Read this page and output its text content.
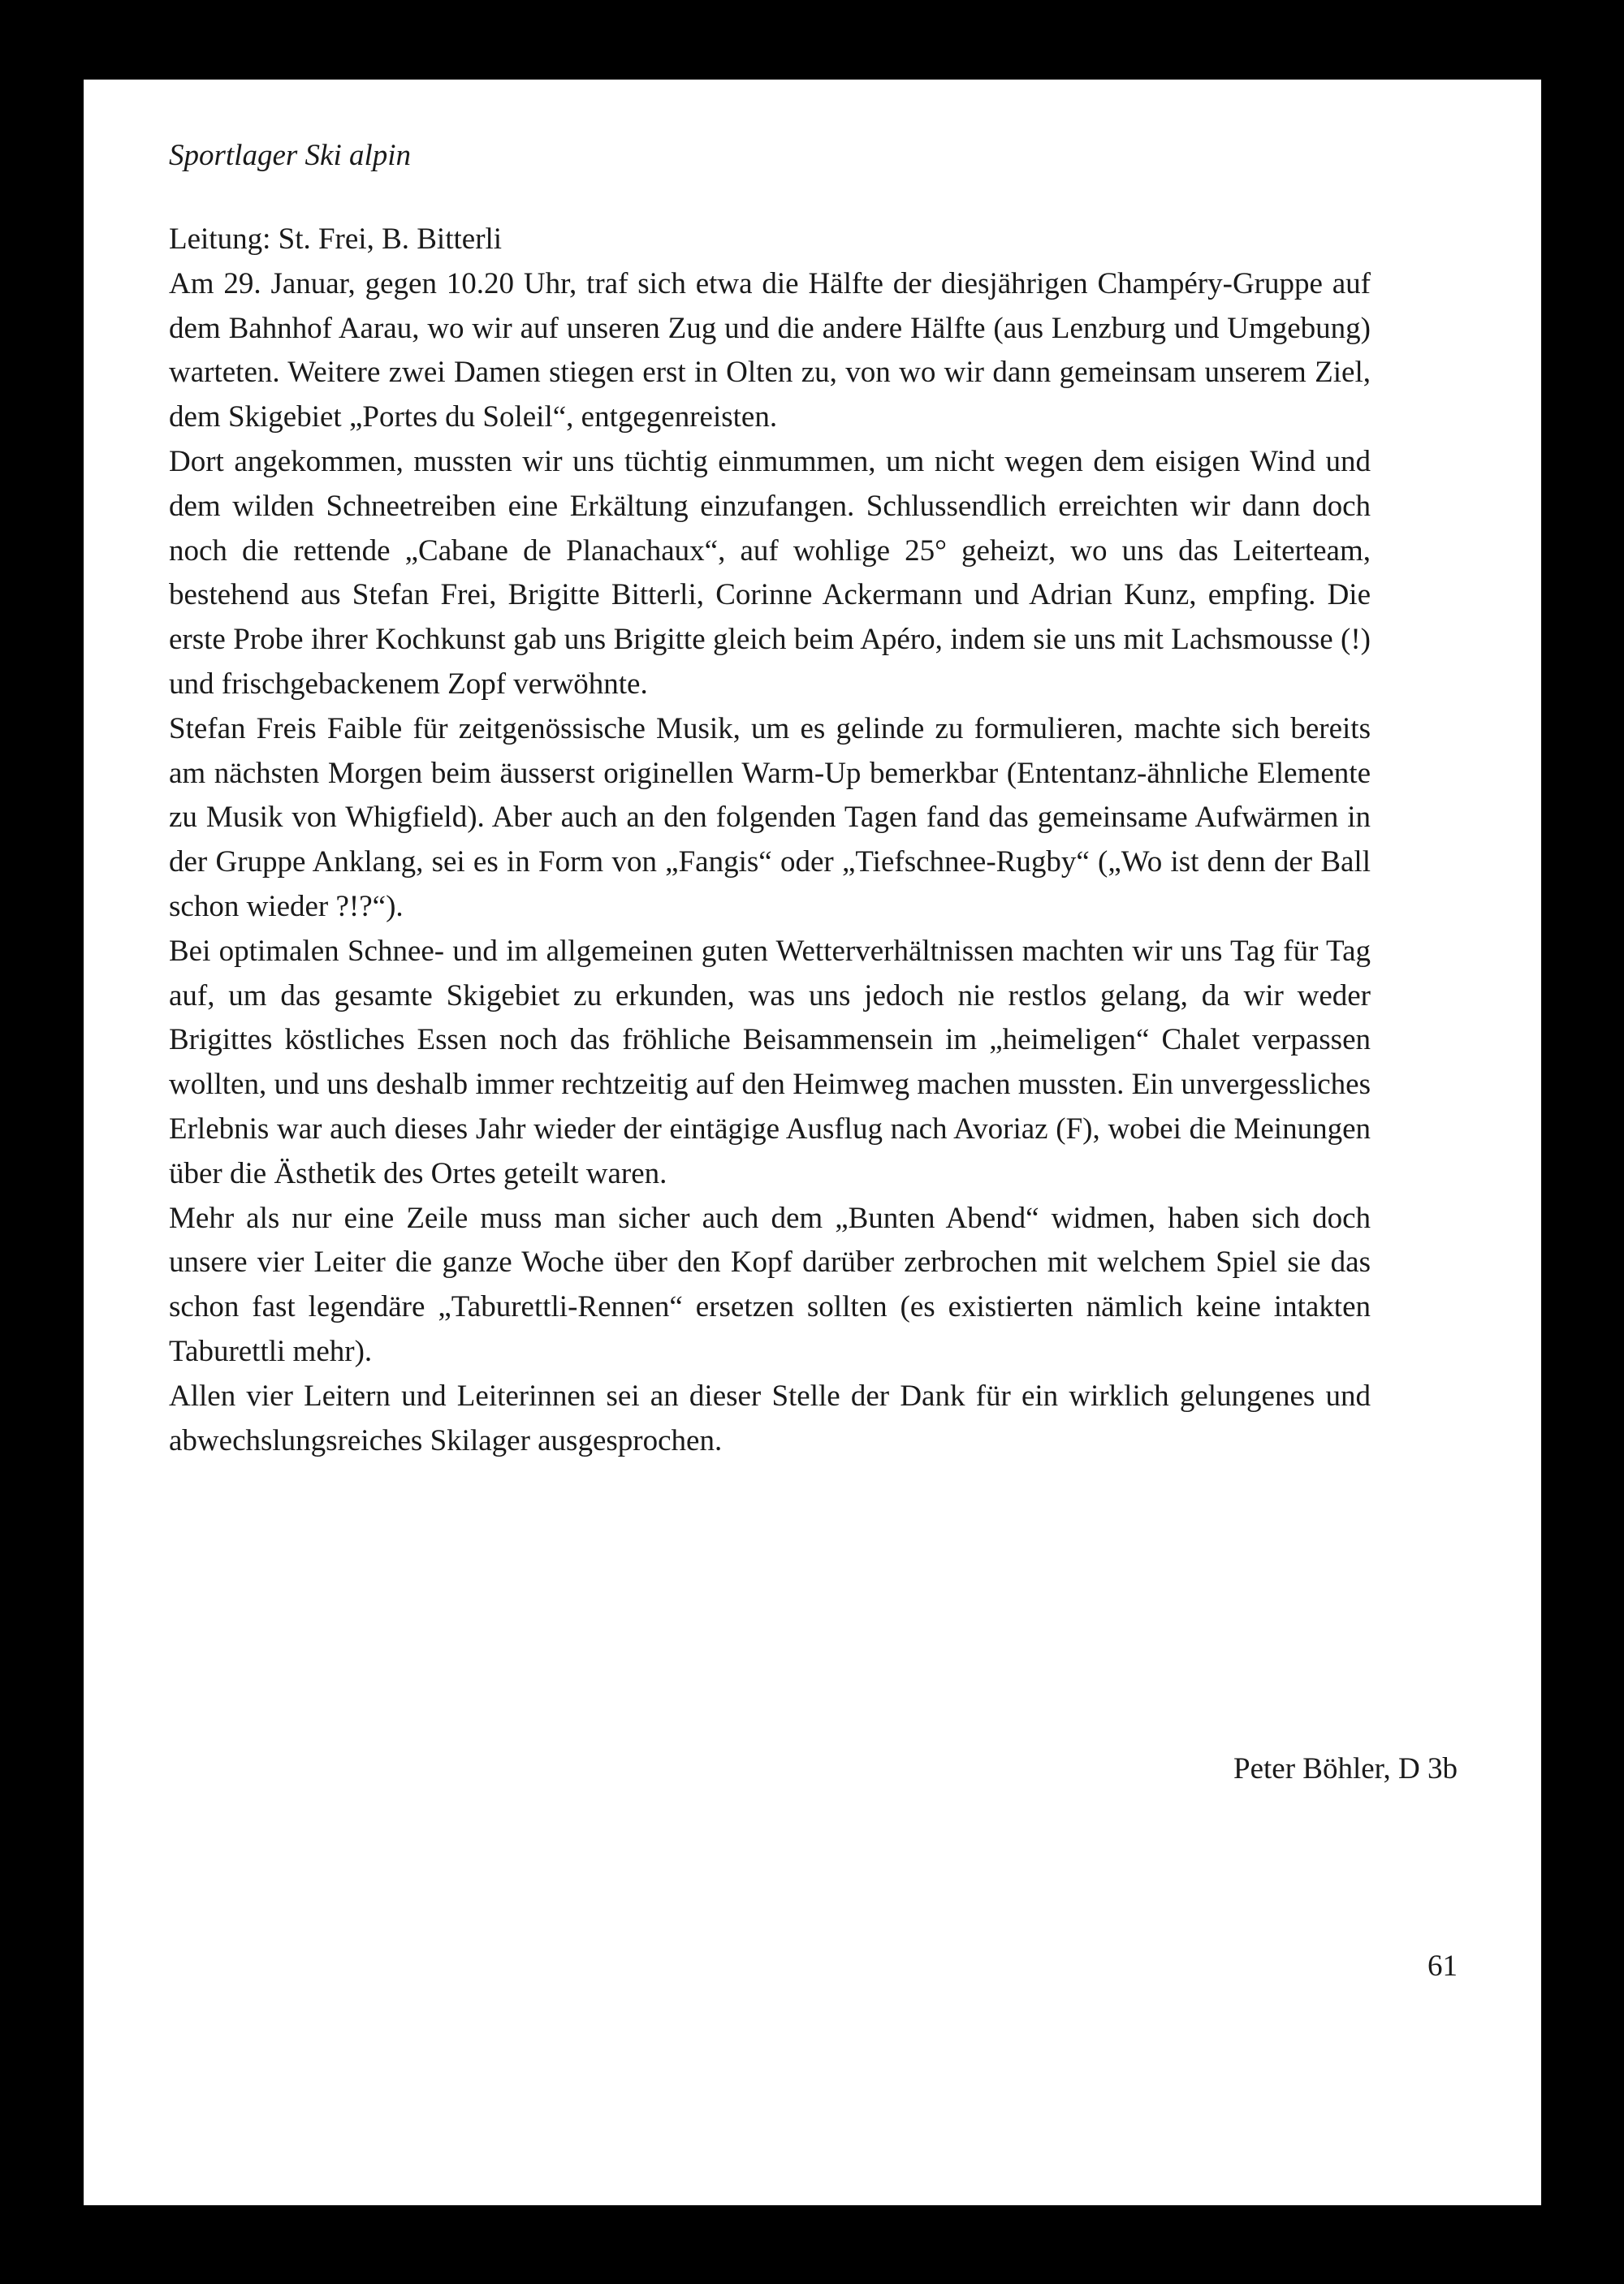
Sportlager Ski alpin

Leitung: St. Frei, B. Bitterli

Am 29. Januar, gegen 10.20 Uhr, traf sich etwa die Hälfte der diesjährigen Champéry-Gruppe auf dem Bahnhof Aarau, wo wir auf unseren Zug und die andere Hälfte (aus Lenzburg und Umgebung) warteten. Weitere zwei Damen stiegen erst in Olten zu, von wo wir dann gemeinsam unserem Ziel, dem Skigebiet „Portes du Soleil“, entgegenreisten.

Dort angekommen, mussten wir uns tüchtig einmummen, um nicht wegen dem eisigen Wind und dem wilden Schneetreiben eine Erkältung einzufangen. Schlussendlich erreichten wir dann doch noch die rettende „Cabane de Planachaux“, auf wohlige 25° geheizt, wo uns das Leiterteam, bestehend aus Stefan Frei, Brigitte Bitterli, Corinne Ackermann und Adrian Kunz, empfing. Die erste Probe ihrer Kochkunst gab uns Brigitte gleich beim Apéro, indem sie uns mit Lachsmousse (!) und frischgebackenem Zopf verwöhnte.

Stefan Freis Faible für zeitgenössische Musik, um es gelinde zu formulieren, machte sich bereits am nächsten Morgen beim äusserst originellen Warm-Up bemerkbar (Ententanz-ähnliche Elemente zu Musik von Whigfield). Aber auch an den folgenden Tagen fand das gemeinsame Aufwärmen in der Gruppe Anklang, sei es in Form von „Fangis“ oder „Tiefschnee-Rugby“ („Wo ist denn der Ball schon wieder ?!?“).

Bei optimalen Schnee- und im allgemeinen guten Wetterverhältnissen machten wir uns Tag für Tag auf, um das gesamte Skigebiet zu erkunden, was uns jedoch nie restlos gelang, da wir weder Brigittes köstliches Essen noch das fröhliche Beisammensein im „heimeligen“ Chalet verpassen wollten, und uns deshalb immer rechtzeitig auf den Heimweg machen mussten. Ein unvergessliches Erlebnis war auch dieses Jahr wieder der eintägige Ausflug nach Avoriaz (F), wobei die Meinungen über die Ästhetik des Ortes geteilt waren.

Mehr als nur eine Zeile muss man sicher auch dem „Bunten Abend“ widmen, haben sich doch unsere vier Leiter die ganze Woche über den Kopf darüber zerbrochen mit welchem Spiel sie das schon fast legendäre „Taburettli-Rennen“ ersetzen sollten (es existierten nämlich keine intakten Taburettli mehr).

Allen vier Leitern und Leiterinnen sei an dieser Stelle der Dank für ein wirklich gelungenes und abwechslungsreiches Skilager ausgesprochen.

Peter Böhler, D 3b
61
